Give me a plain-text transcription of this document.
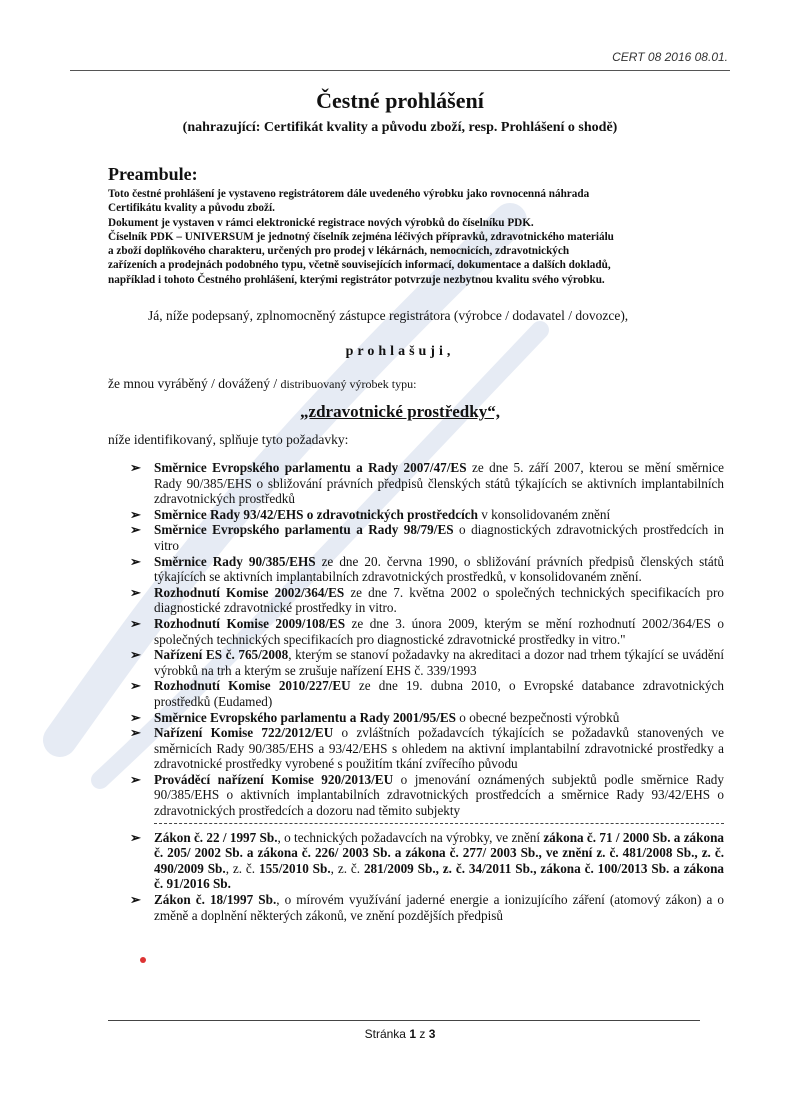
CERT 08 2016 08.01.
Čestné prohlášení
(nahrazující: Certifikát kvality a původu zboží, resp. Prohlášení o shodě)
Preambule:
Toto čestné prohlášení je vystaveno registrátorem dále uvedeného výrobku jako rovnocenná náhrada
Certifikátu kvality a původu zboží.
Dokument je vystaven v rámci elektronické registrace nových výrobků do číselníku PDK.
Číselník PDK – UNIVERSUM je jednotný číselník zejména léčivých přípravků, zdravotnického materiálu
a zboží doplňkového charakteru, určených pro prodej v lékárnách, nemocnicích, zdravotnických
zařízeních a prodejnách podobného typu, včetně souvisejících informací, dokumentace a dalších dokladů,
například i tohoto Čestného prohlášení, kterými registrátor potvrzuje nezbytnou kvalitu svého výrobku.
Já, níže podepsaný, zplnomocněný zástupce registrátora (výrobce / dodavatel / dovozce),
prohlašuji,
že mnou vyráběný / dovážený / distribuovaný výrobek typu:
„zdravotnické prostředky“,
níže identifikovaný, splňuje tyto požadavky:
➢ Směrnice Evropského parlamentu a Rady 2007/47/ES ze dne 5. září 2007, kterou se mění směrnice Rady 90/385/EHS o sbližování právních předpisů členských států týkajících se aktivních implantabilních zdravotnických prostředků
➢ Směrnice Rady 93/42/EHS o zdravotnických prostředcích v konsolidovaném znění
➢ Směrnice Evropského parlamentu a Rady 98/79/ES o diagnostických zdravotnických prostředcích in vitro
➢ Směrnice Rady 90/385/EHS ze dne 20. června 1990, o sbližování právních předpisů členských států týkajících se aktivních implantabilních zdravotnických prostředků, v konsolidovaném znění.
➢ Rozhodnutí Komise 2002/364/ES ze dne 7. května 2002 o společných technických specifikacích pro diagnostické zdravotnické prostředky in vitro.
➢ Rozhodnutí Komise 2009/108/ES ze dne 3. února 2009, kterým se mění rozhodnutí 2002/364/ES o společných technických specifikacích pro diagnostické zdravotnické prostředky in vitro."
➢ Nařízení ES č. 765/2008, kterým se stanoví požadavky na akreditaci a dozor nad trhem týkající se uvádění výrobků na trh a kterým se zrušuje nařízení EHS č. 339/1993
➢ Rozhodnutí Komise 2010/227/EU ze dne 19. dubna 2010, o Evropské databance zdravotnických prostředků (Eudamed)
➢ Směrnice Evropského parlamentu a Rady 2001/95/ES o obecné bezpečnosti výrobků
➢ Nařízení Komise 722/2012/EU o zvláštních požadavcích týkajících se požadavků stanovených ve směrnicích Rady 90/385/EHS a 93/42/EHS s ohledem na aktivní implantabilní zdravotnické prostředky a zdravotnické prostředky vyrobené s použitím tkání zvířecího původu
➢ Prováděcí nařízení Komise 920/2013/EU o jmenování oznámených subjektů podle směrnice Rady 90/385/EHS o aktivních implantabilních zdravotnických prostředcích a směrnice Rady 93/42/EHS o zdravotnických prostředcích a dozoru nad těmito subjekty
➢ Zákon č. 22 / 1997 Sb., o technických požadavcích na výrobky, ve znění zákona č. 71 / 2000 Sb. a zákona č. 205/ 2002 Sb. a zákona č. 226/ 2003 Sb. a zákona č. 277/ 2003 Sb., ve znění z. č. 481/2008 Sb., z. č. 490/2009 Sb., z. č. 155/2010 Sb., z. č. 281/2009 Sb., z. č. 34/2011 Sb., zákona č. 100/2013 Sb. a zákona č. 91/2016 Sb.
➢ Zákon č. 18/1997 Sb., o mírovém využívání jaderné energie a ionizujícího záření (atomový zákon) a o změně a doplnění některých zákonů, ve znění pozdějších předpisů
Stránka 1 z 3
